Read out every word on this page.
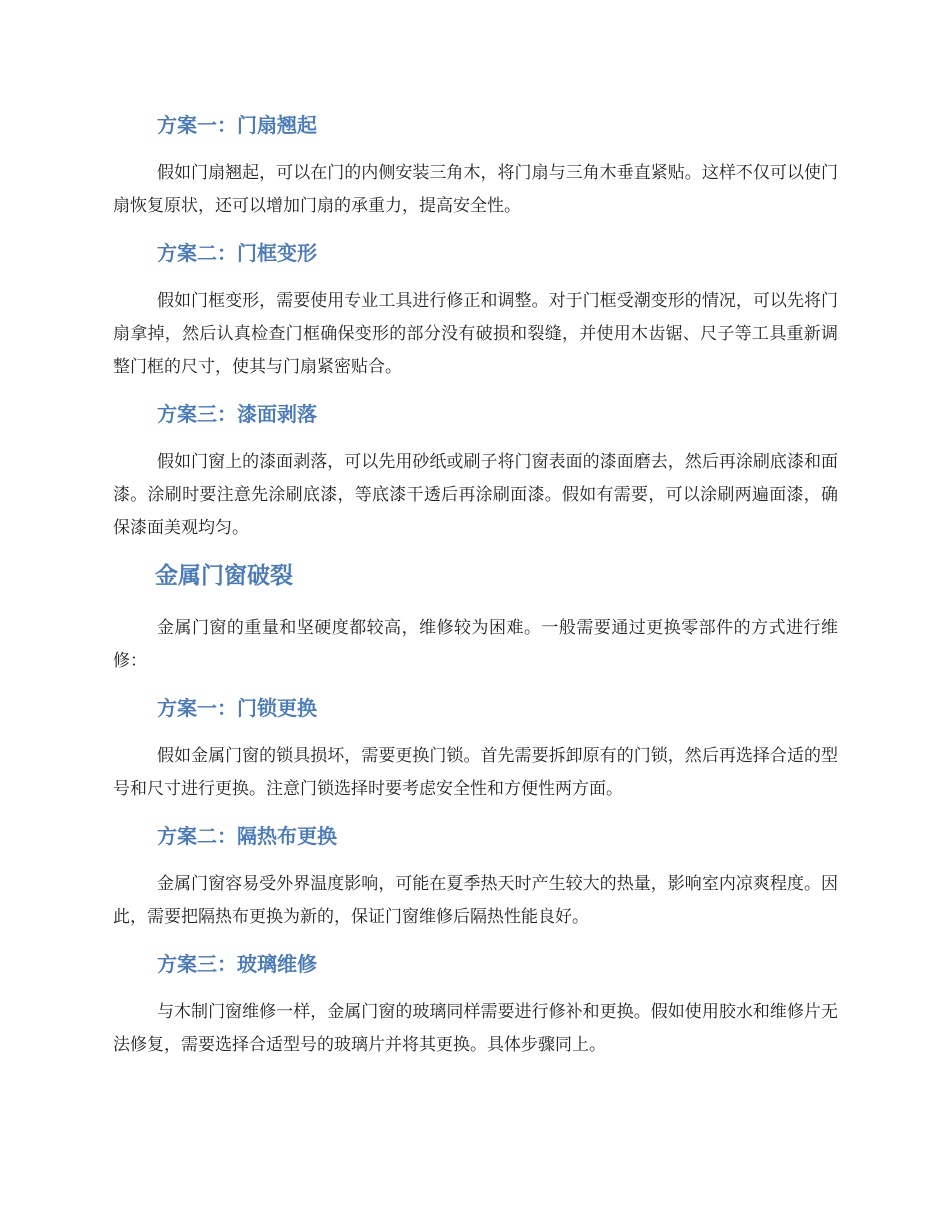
方案一：门扇翘起

假如门扇翘起，可以在门的内侧安装三角木，将门扇与三角木垂直紧贴。这样不仅可以使门扇恢复原状，还可以增加门扇的承重力，提高安全性。

方案二：门框变形

假如门框变形，需要使用专业工具进行修正和调整。对于门框受潮变形的情况，可以先将门扇拿掉，然后认真检查门框确保变形的部分没有破损和裂缝，并使用木齿锯、尺子等工具重新调整门框的尺寸，使其与门扇紧密贴合。

方案三：漆面剥落

假如门窗上的漆面剥落，可以先用砂纸或刷子将门窗表面的漆面磨去，然后再涂刷底漆和面漆。涂刷时要注意先涂刷底漆，等底漆干透后再涂刷面漆。假如有需要，可以涂刷两遍面漆，确保漆面美观均匀。

金属门窗破裂

金属门窗的重量和坚硬度都较高，维修较为困难。一般需要通过更换零部件的方式进行维修：

方案一：门锁更换

假如金属门窗的锁具损坏，需要更换门锁。首先需要拆卸原有的门锁，然后再选择合适的型号和尺寸进行更换。注意门锁选择时要考虑安全性和方便性两方面。

方案二：隔热布更换

金属门窗容易受外界温度影响，可能在夏季热天时产生较大的热量，影响室内凉爽程度。因此，需要把隔热布更换为新的，保证门窗维修后隔热性能良好。

方案三：玻璃维修

与木制门窗维修一样，金属门窗的玻璃同样需要进行修补和更换。假如使用胶水和维修片无法修复，需要选择合适型号的玻璃片并将其更换。具体步骤同上。
